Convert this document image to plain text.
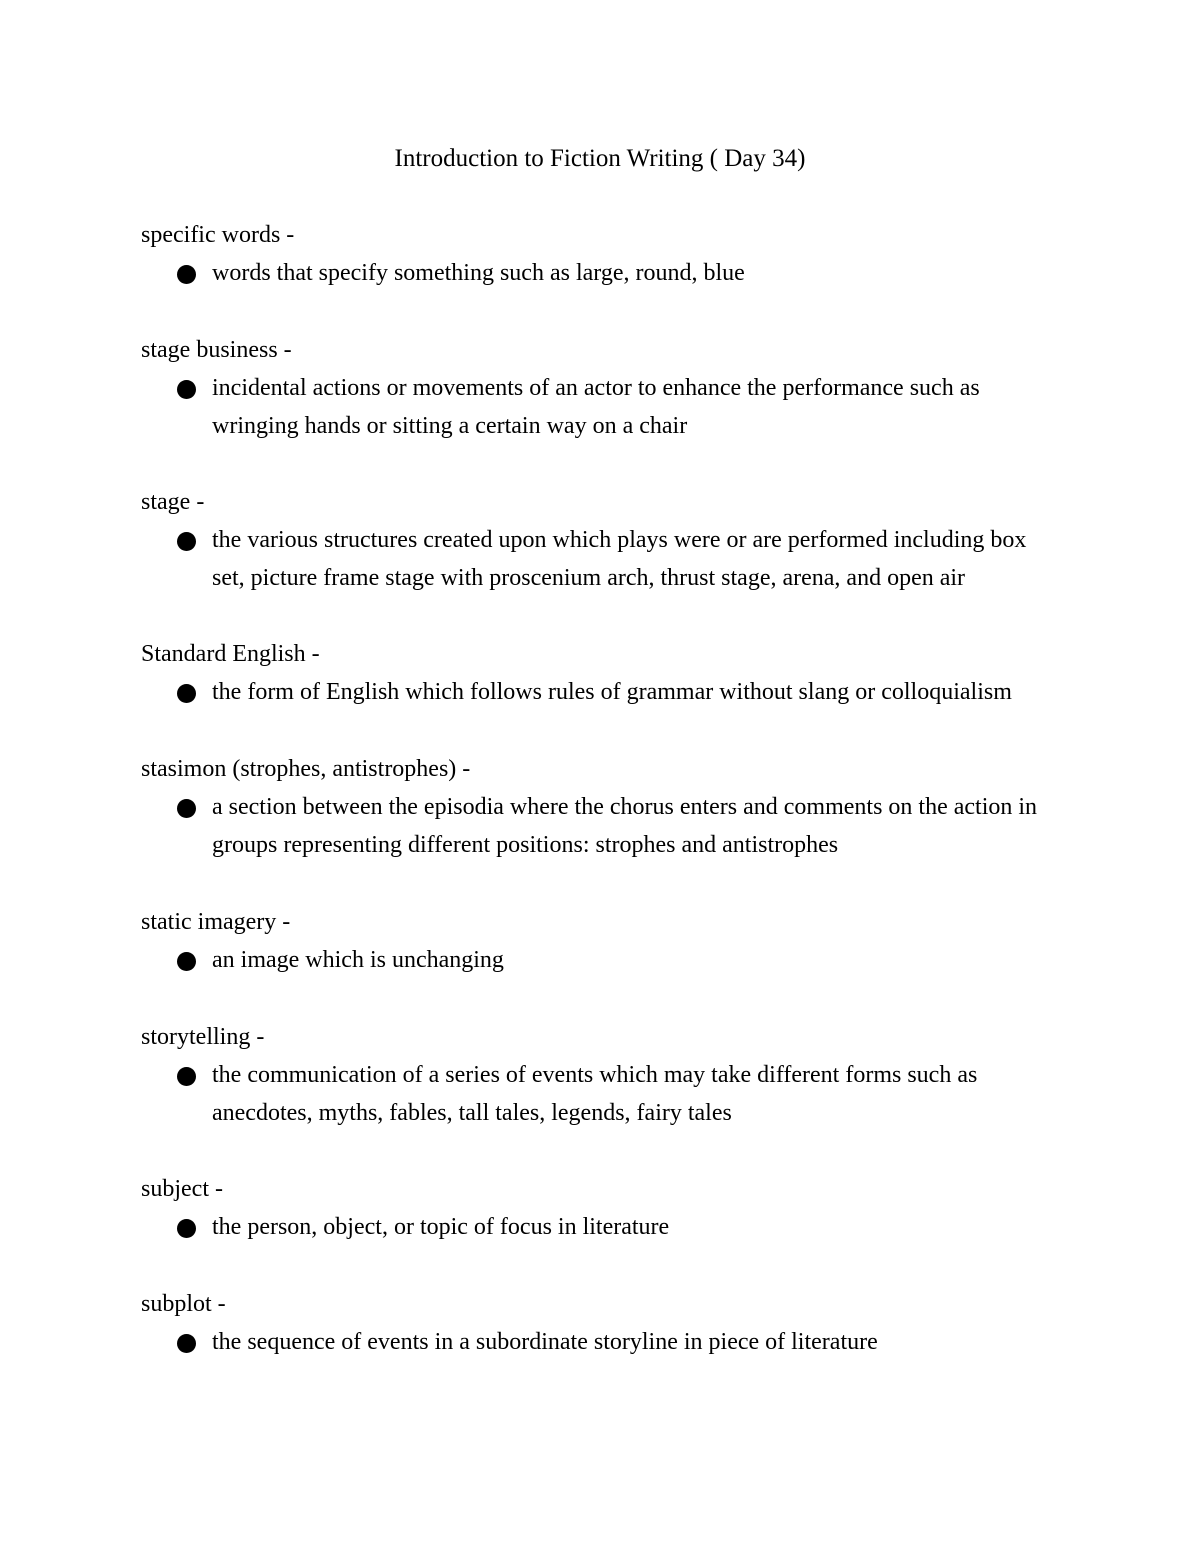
Introduction to Fiction Writing ( Day 34)
specific words -
words that specify something such as large, round, blue
stage business -
incidental actions or movements of an actor to enhance the performance such as wringing hands or sitting a certain way on a chair
stage -
the various structures created upon which plays were or are performed including box set, picture frame stage with proscenium arch, thrust stage, arena, and open air
Standard English -
the form of English which follows rules of grammar without slang or colloquialism
stasimon (strophes, antistrophes) -
a section between the episodia where the chorus enters and comments on the action in groups representing different positions: strophes and antistrophes
static imagery -
an image which is unchanging
storytelling -
the communication of a series of events which may take different forms such as anecdotes, myths, fables, tall tales, legends, fairy tales
subject -
the person, object, or topic of focus in literature
subplot -
the sequence of events in a subordinate storyline in piece of literature
